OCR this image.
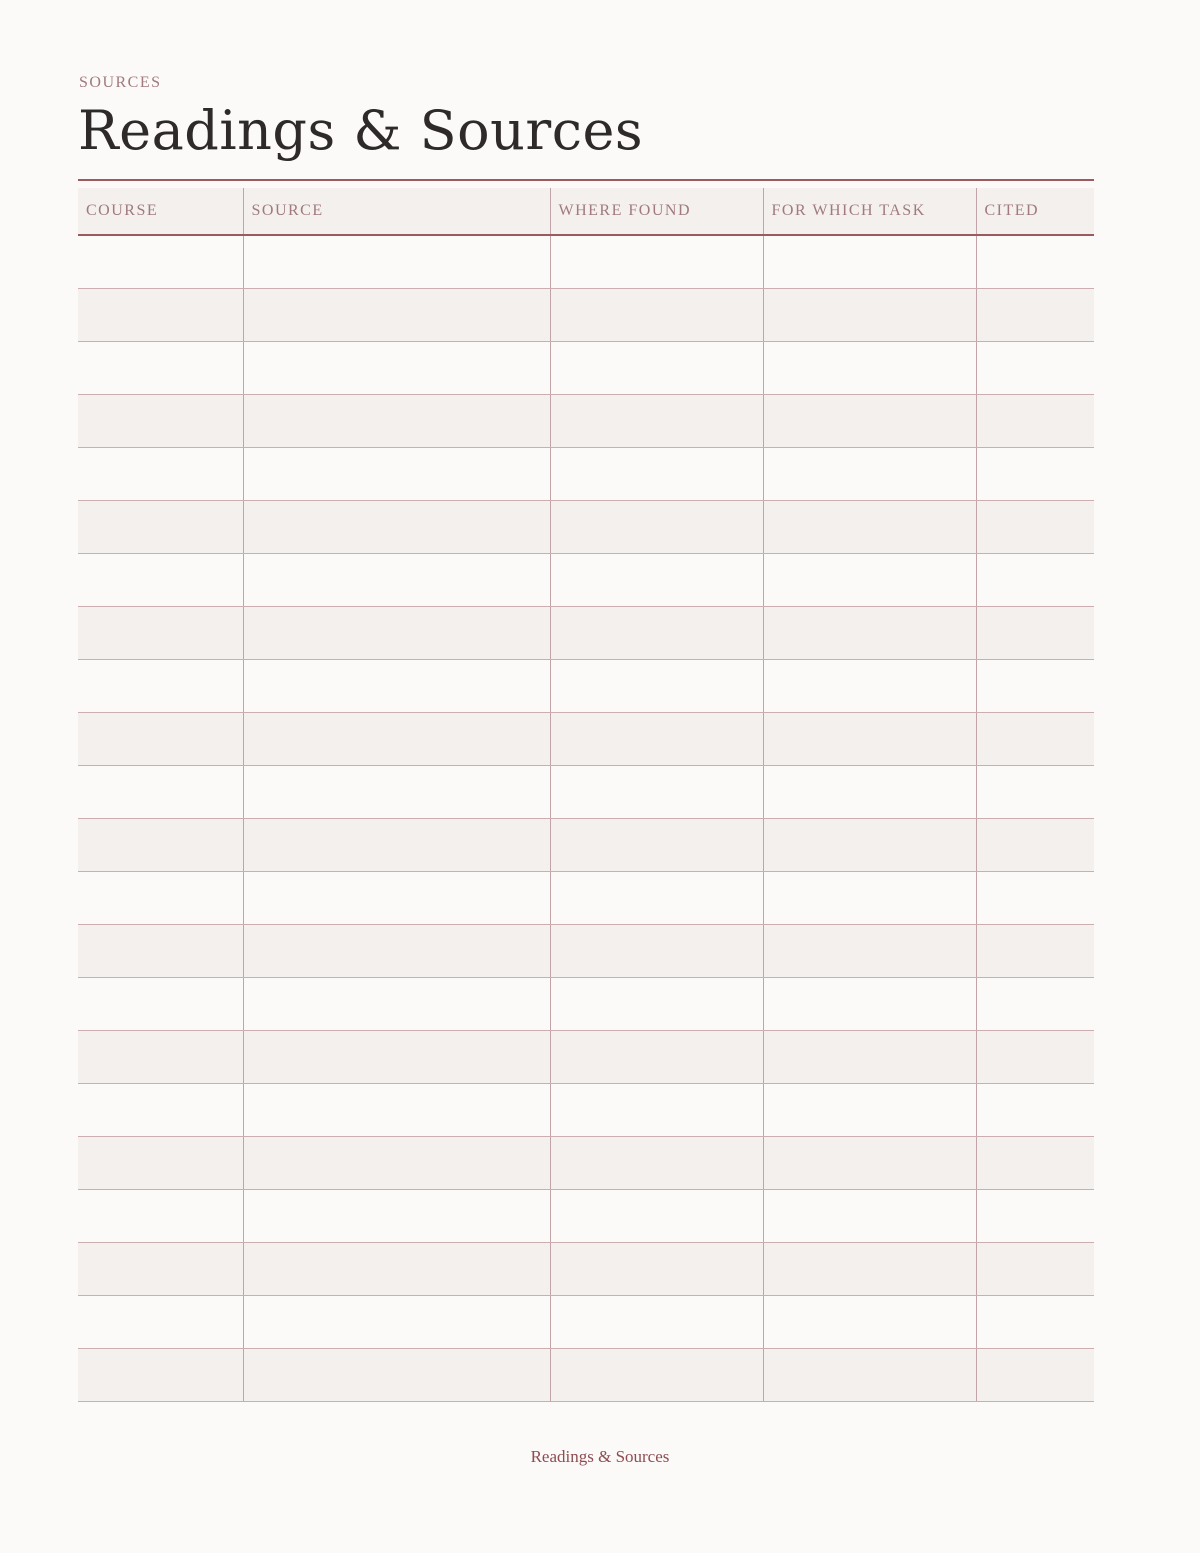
SOURCES
Readings & Sources
COURSE	SOURCE	WHERE FOUND	FOR WHICH TASK	CITED

Readings & Sources
